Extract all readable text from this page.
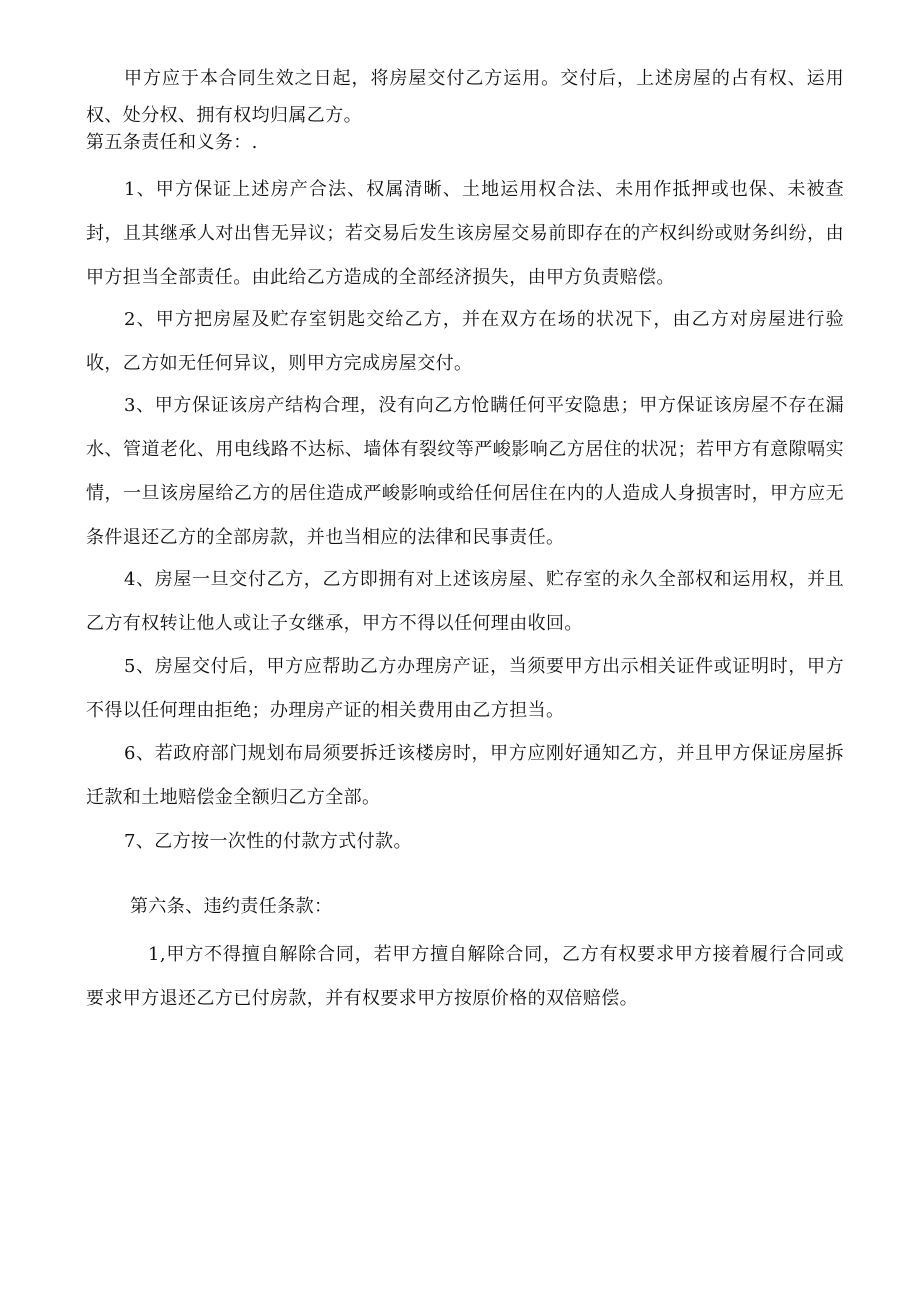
甲方应于本合同生效之日起，将房屋交付乙方运用。交付后，上述房屋的占有权、运用权、处分权、拥有权均归属乙方。

第五条责任和义务：.

1、甲方保证上述房产合法、权属清晰、土地运用权合法、未用作抵押或也保、未被查封，且其继承人对出售无异议；若交易后发生该房屋交易前即存在的产权纠纷或财务纠纷，由甲方担当全部责任。由此给乙方造成的全部经济损失，由甲方负责赔偿。

2、甲方把房屋及贮存室钥匙交给乙方，并在双方在场的状况下，由乙方对房屋进行验收，乙方如无任何异议，则甲方完成房屋交付。

3、甲方保证该房产结构合理，没有向乙方怆瞒任何平安隐患；甲方保证该房屋不存在漏水、管道老化、用电线路不达标、墙体有裂纹等严峻影响乙方居住的状况；若甲方有意隙嗝实情，一旦该房屋给乙方的居住造成严峻影响或给任何居住在内的人造成人身损害时，甲方应无条件退还乙方的全部房款，并也当相应的法律和民事责任。

4、房屋一旦交付乙方，乙方即拥有对上述该房屋、贮存室的永久全部权和运用权，并且乙方有权转让他人或让子女继承，甲方不得以任何理由收回。

5、房屋交付后，甲方应帮助乙方办理房产证，当须要甲方出示相关证件或证明时，甲方不得以任何理由拒绝；办理房产证的相关费用由乙方担当。

6、若政府部门规划布局须要拆迁该楼房时，甲方应刚好通知乙方，并且甲方保证房屋拆迁款和土地赔偿金全额归乙方全部。

7、乙方按一次性的付款方式付款。

第六条、违约责任条款：

1,甲方不得擅自解除合同，若甲方擅自解除合同，乙方有权要求甲方接着履行合同或要求甲方退还乙方已付房款，并有权要求甲方按原价格的双倍赔偿。
